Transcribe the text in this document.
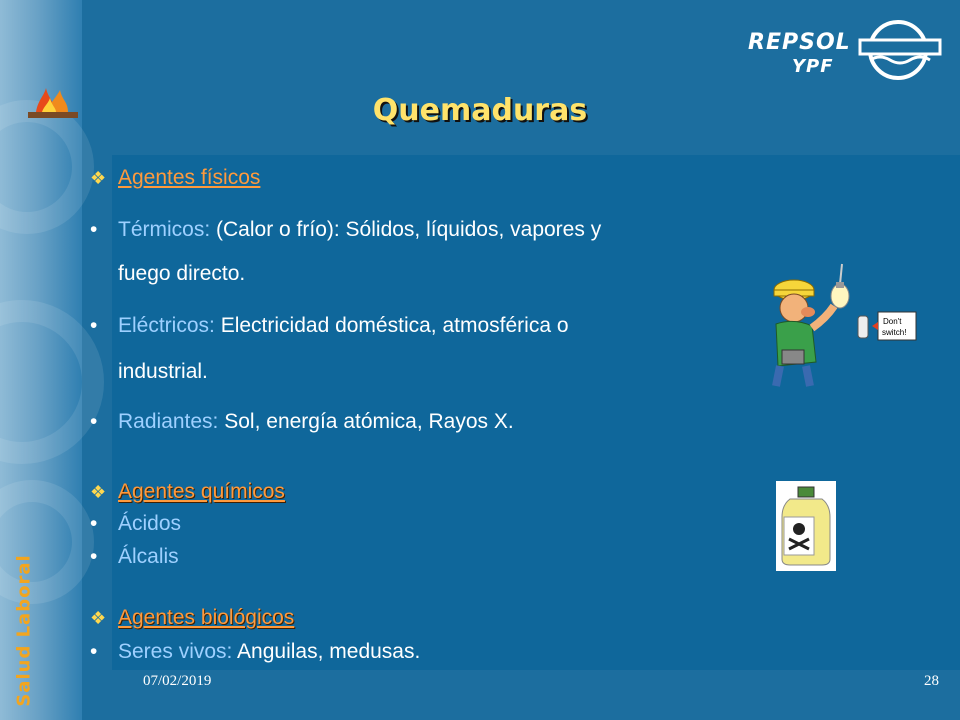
Salud Laboral
Quemaduras
REPSOL
YPF
❖ Agentes físicos
• Térmicos: (Calor o frío): Sólidos, líquidos, vapores y
fuego directo.
• Eléctricos: Electricidad doméstica, atmosférica o
industrial.
• Radiantes: Sol, energía atómica, Rayos X.
❖ Agentes químicos
• Ácidos
• Álcalis
❖ Agentes biológicos
• Seres vivos: Anguilas, medusas.
Don't
switch!
07/02/2019	28
